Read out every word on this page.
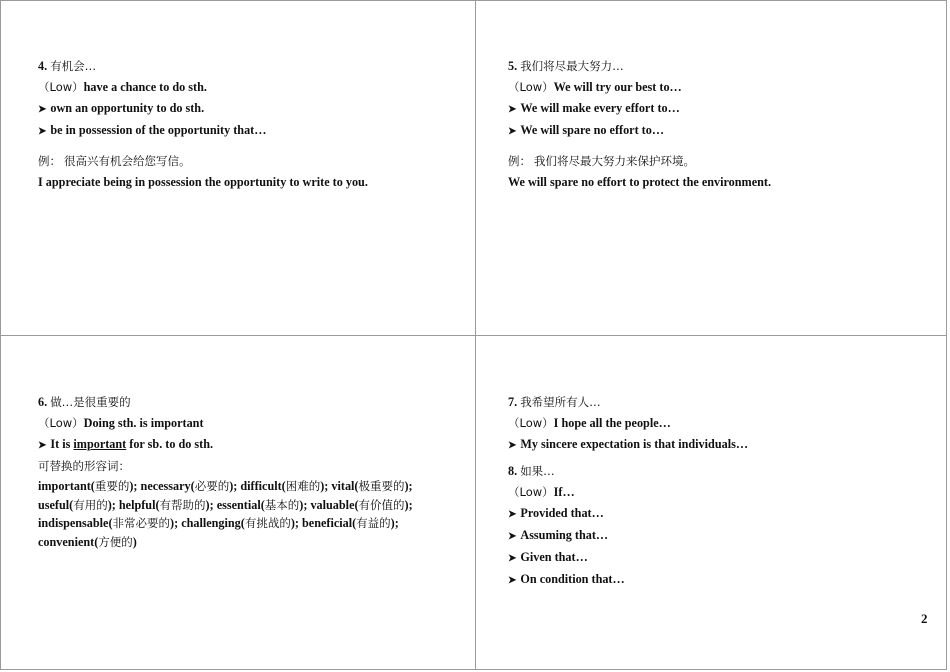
4. 有机会…
（Low）have a chance to do sth.
➤ own an opportunity to do sth.
➤ be in possession of the opportunity that…
例： 很高兴有机会给您写信。
I appreciate being in possession the opportunity to write to you.
5. 我们将尽最大努力…
（Low）We will try our best to…
➤ We will make every effort to…
➤ We will spare no effort to…
例： 我们将尽最大努力来保护环境。
We will spare no effort to protect the environment.
6. 做…是很重要的
（Low）Doing sth. is important
➤ It is important for sb. to do sth.
可替换的形容词：
important(重要的); necessary(必要的); difficult(困难的); vital(极重要的); useful(有用的); helpful(有帮助的); essential(基本的); valuable(有价值的); indispensable(非常必要的); challenging(有挑战的); beneficial(有益的); convenient(方便的)
7. 我希望所有人…
（Low）I hope all the people…
➤ My sincere expectation is that individuals…
8. 如果…
（Low）If…
➤ Provided that…
➤ Assuming that…
➤ Given that…
➤ On condition that…
2
